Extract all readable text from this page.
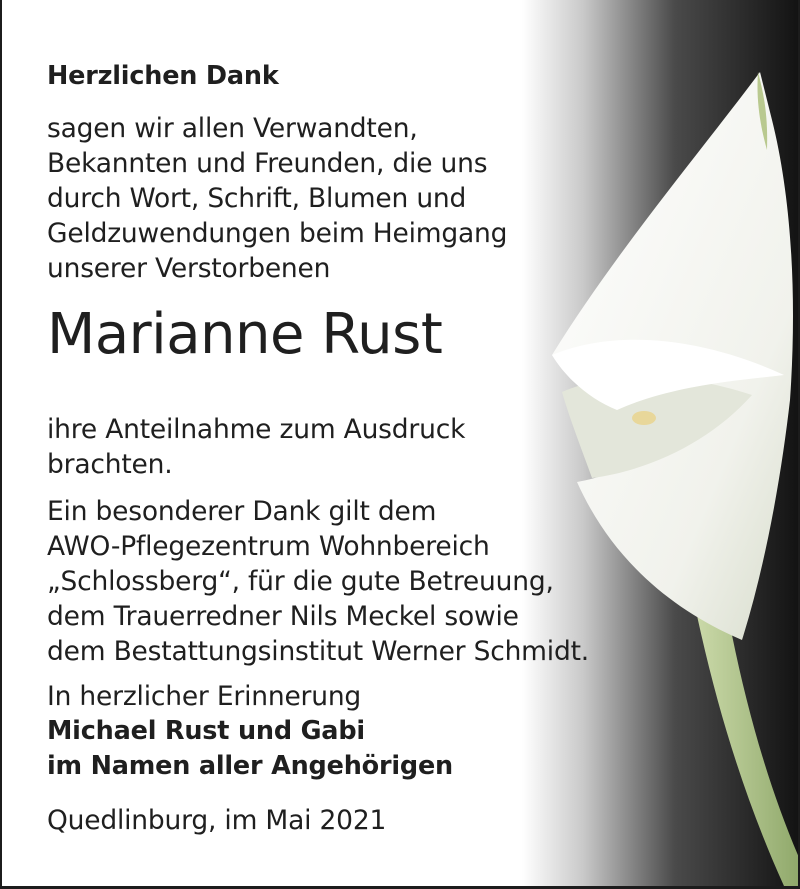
Herzlichen Dank
sagen wir allen Verwandten,
Bekannten und Freunden, die uns
durch Wort, Schrift, Blumen und
Geldzuwendungen beim Heimgang
unserer Verstorbenen
Marianne Rust
ihre Anteilnahme zum Ausdruck
brachten.
Ein besonderer Dank gilt dem
AWO-Pflegezentrum Wohnbereich
„Schlossberg“, für die gute Betreuung,
dem Trauerredner Nils Meckel sowie
dem Bestattungsinstitut Werner Schmidt.
In herzlicher Erinnerung
Michael Rust und Gabi
im Namen aller Angehörigen
Quedlinburg, im Mai 2021
